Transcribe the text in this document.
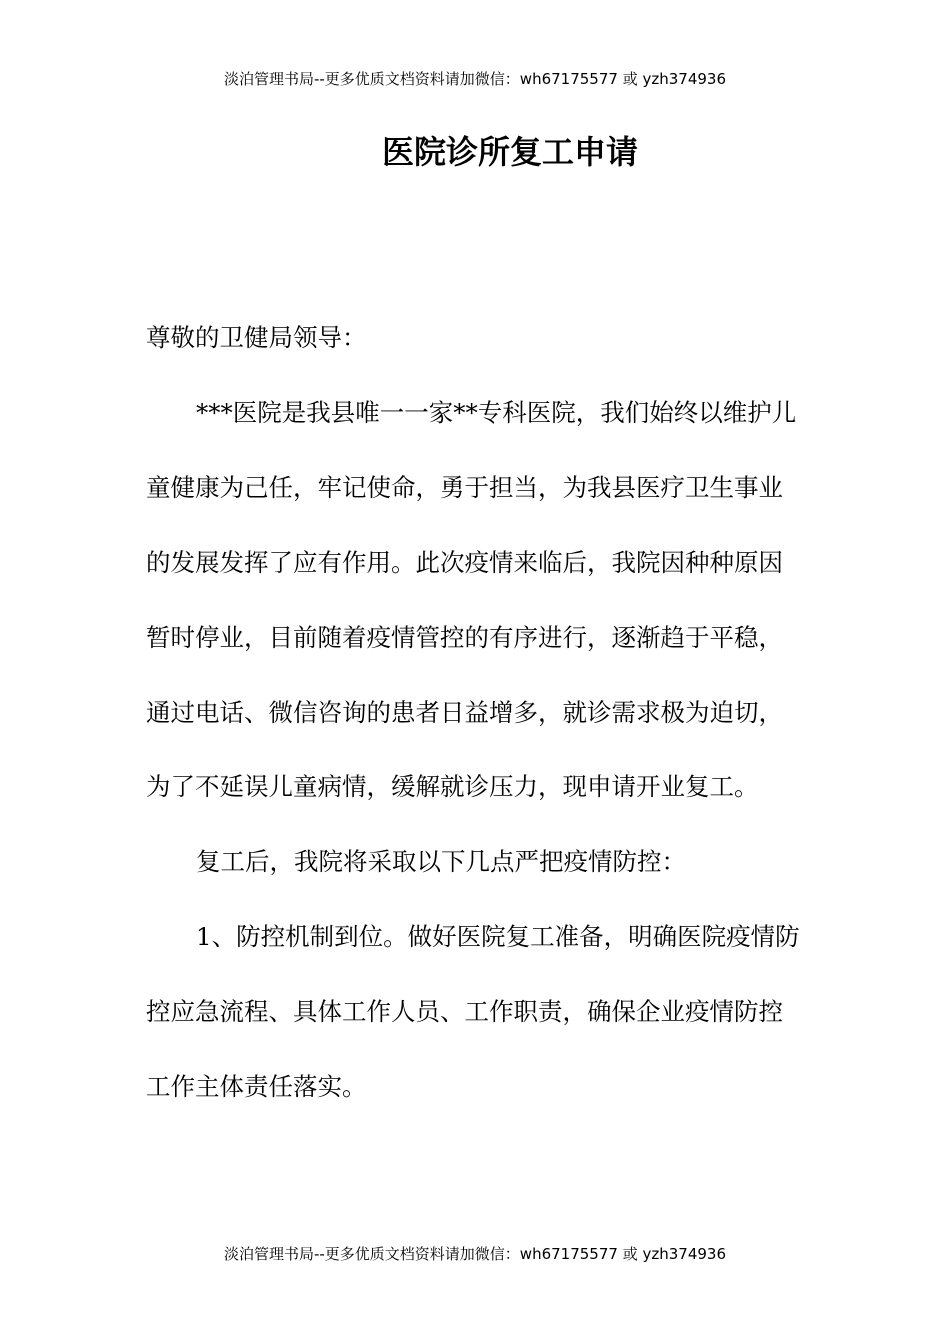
淡泊管理书局--更多优质文档资料请加微信：wh67175577 或 yzh374936
医院诊所复工申请

尊敬的卫健局领导：

***医院是我县唯一一家**专科医院，我们始终以维护儿童健康为己任，牢记使命，勇于担当，为我县医疗卫生事业的发展发挥了应有作用。此次疫情来临后，我院因种种原因暂时停业，目前随着疫情管控的有序进行，逐渐趋于平稳，通过电话、微信咨询的患者日益增多，就诊需求极为迫切，为了不延误儿童病情，缓解就诊压力，现申请开业复工。

复工后，我院将采取以下几点严把疫情防控：

1、防控机制到位。做好医院复工准备，明确医院疫情防控应急流程、具体工作人员、工作职责，确保企业疫情防控工作主体责任落实。

淡泊管理书局--更多优质文档资料请加微信：wh67175577 或 yzh374936
